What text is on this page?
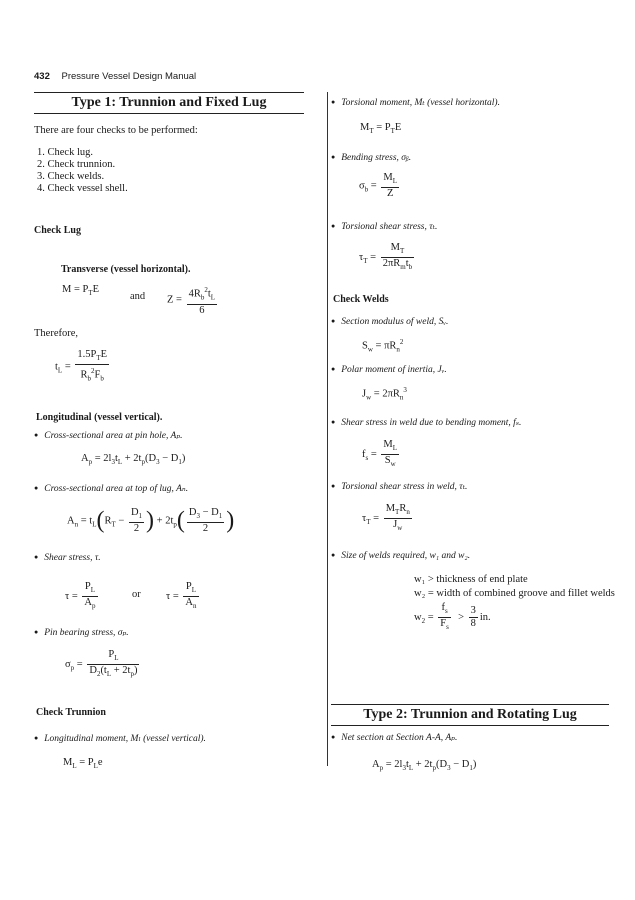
432 Pressure Vessel Design Manual
Type 1: Trunnion and Fixed Lug
There are four checks to be performed:
1. Check lug.
2. Check trunnion.
3. Check welds.
4. Check vessel shell.
Check Lug
Transverse (vessel horizontal).
$M = P_TE$
and $Z = \frac{4R_b^2t_L}{6}$
Therefore,
$t_L = \frac{1.5P_TE}{R_b^2F_b}$
Longitudinal (vessel vertical).
● Cross-sectional area at pin hole, Aₚ.
$A_p = 2l_3t_L + 2t_p(D_3 - D_1)$
● Cross-sectional area at top of lug, Aₙ.
$A_n = t_L(R_T - \frac{D_1}{2}$ ) + $2t_p( \frac{D_3 - D_1}{2}$ )
● Shear stress, τ.
$\tau = \frac{P_L}{A_p}$	or $\tau = \frac{P_L}{A_n}$
● Pin bearing stress, σₚ.
$\sigma_p = \frac{P_L}{D_2(t_L + 2t_p)}$
Check Trunnion
● Longitudinal moment, Mₗ (vessel vertical).
$M_L = P_Le$
● Torsional moment, Mₜ (vessel horizontal).
$M_T = P_TE$
● Bending stress, σᵦ.
$\sigma_b = \frac{M_L}{Z}$
● Torsional shear stress, τₜ.
$\tau_T = \frac{M_T}{2\pi R_mt_b}$
Check Welds
● Section modulus of weld, Sᵥ.
$S_w = \pi R_n^2$
● Polar moment of inertia, Jᵥ.
$J_w = 2\pi R_n^3$
● Shear stress in weld due to bending moment, fₛ.
$f_s = \frac{M_L}{S_w}$
● Torsional shear stress in weld, τₜ.
$\tau_T = \frac{M_TR_n}{J_w}$
● Size of welds required, w₁ and w₂.
w₁ > thickness of end plate
w₂ = width of combined groove and fillet welds
$w_2 = \frac{f_s}{F_s} > \frac{3}{8}$ in.
Type 2: Trunnion and Rotating Lug
● Net section at Section A-A, Aₚ.
$A_p = 2l_3t_L + 2t_p(D_3 - D_1)$
